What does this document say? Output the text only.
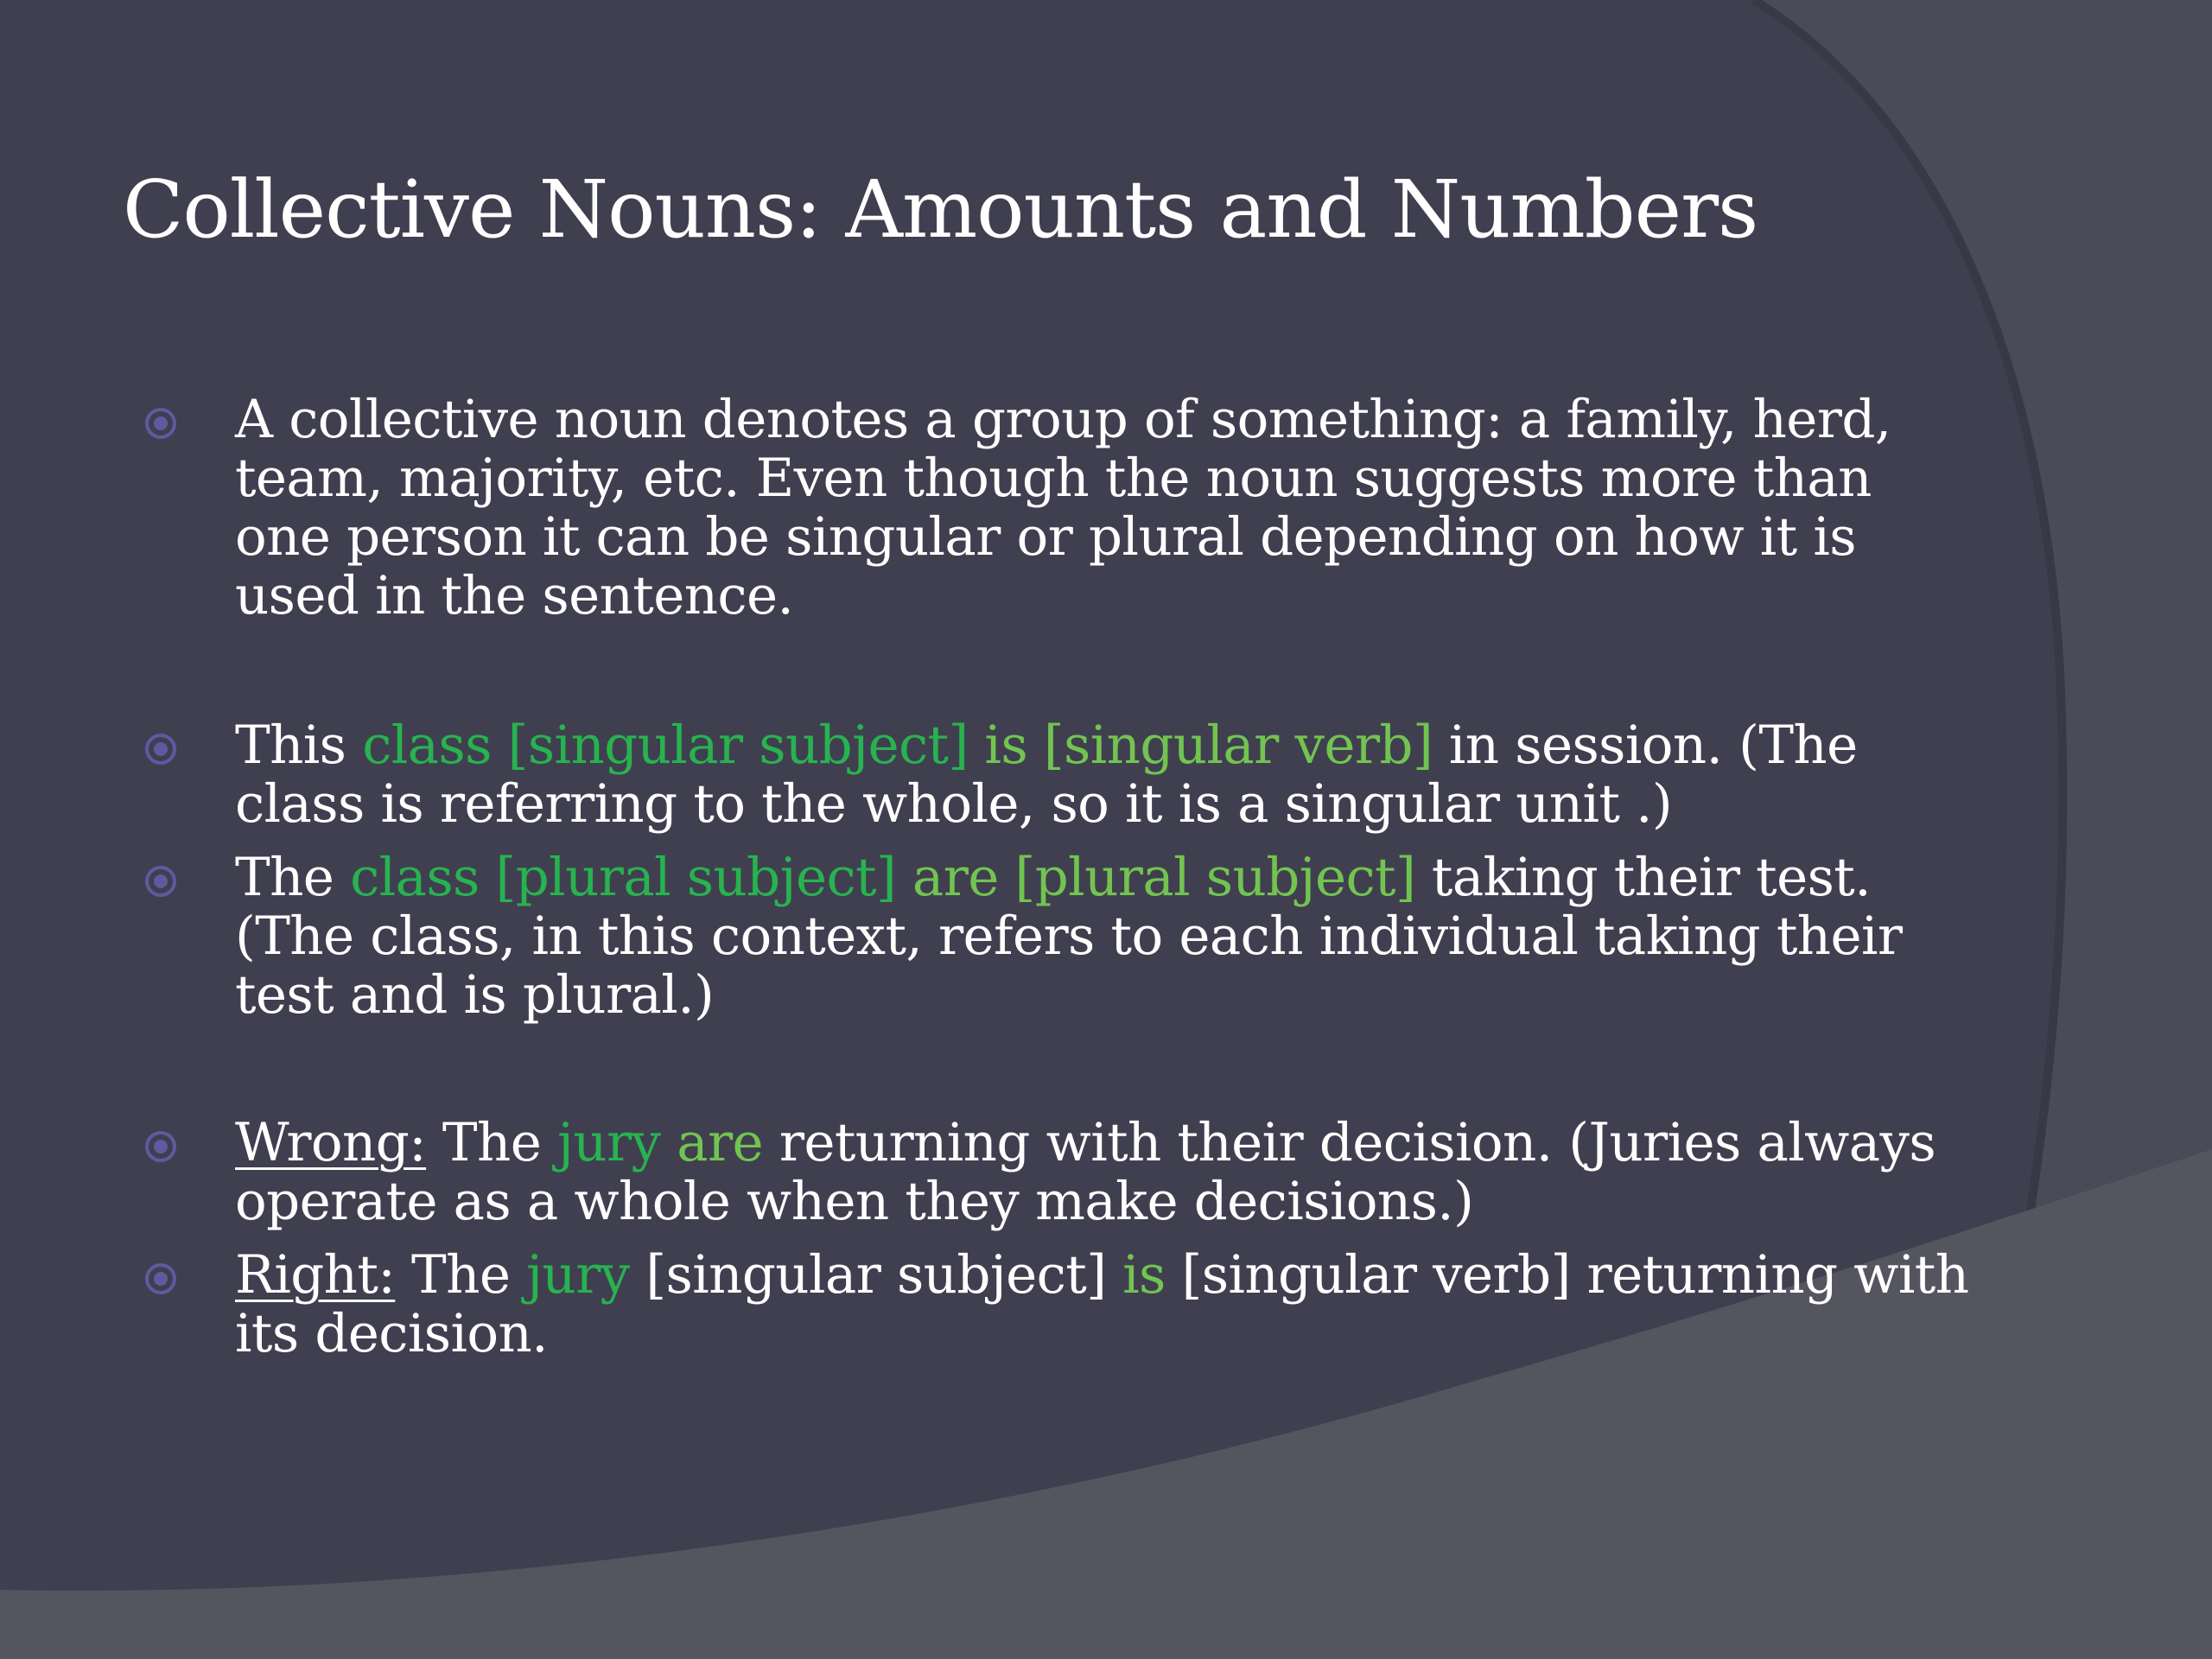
Collective Nouns: Amounts and Numbers
A collective noun denotes a group of something: a family, herd, team, majority, etc. Even though the noun suggests more than one person it can be singular or plural depending on how it is used in the sentence.
This class [singular subject] is [singular verb] in session. (The class is referring to the whole, so it is a singular unit .)
The class [plural subject] are [plural subject] taking their test. (The class, in this context, refers to each individual taking their test and is plural.)
Wrong: The jury are returning with their decision. (Juries always operate as a whole when they make decisions.)
Right: The jury [singular subject] is [singular verb] returning with its decision.
